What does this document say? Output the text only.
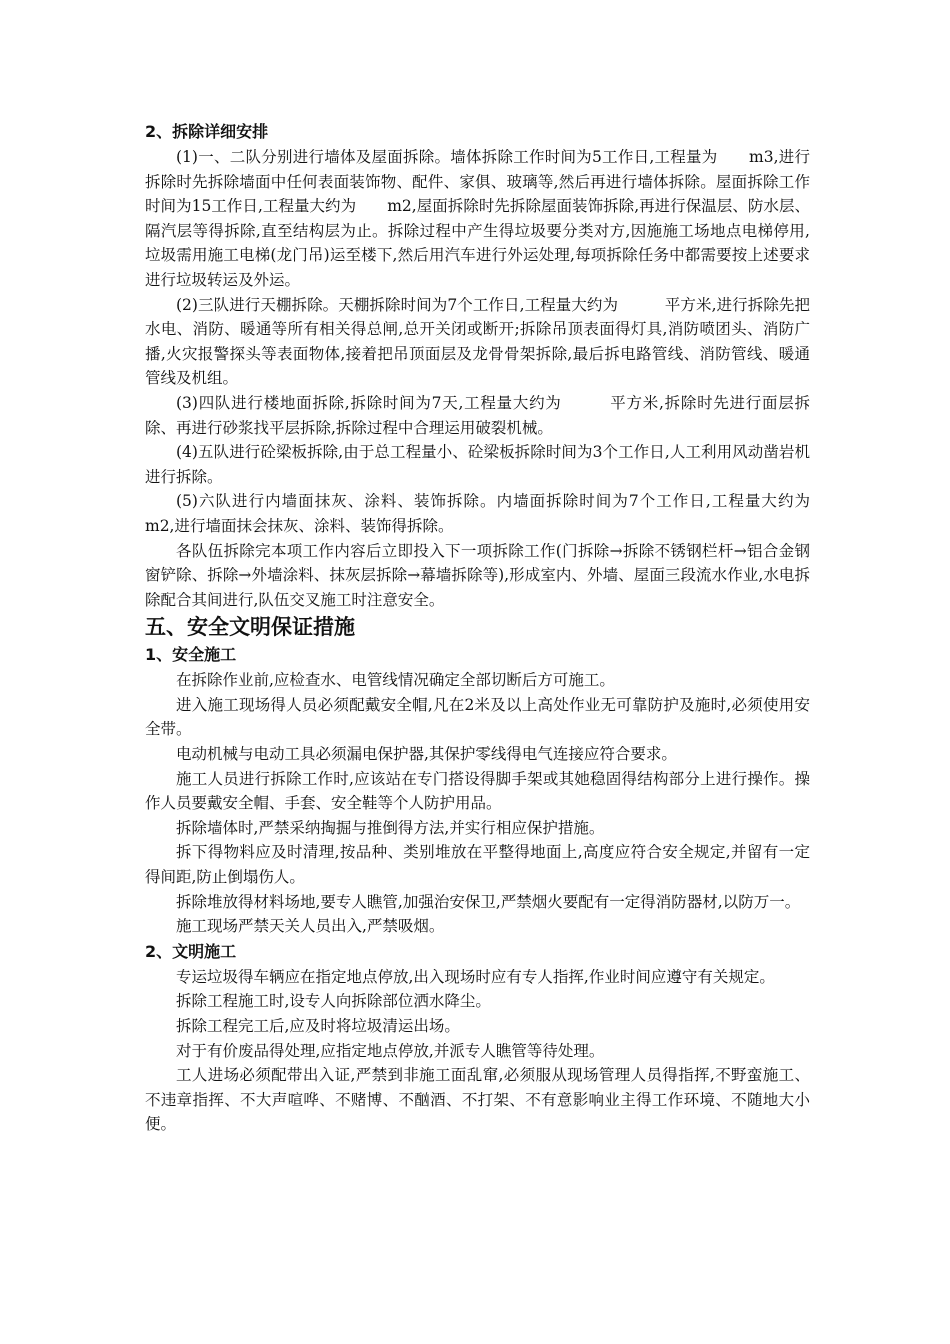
2、拆除详细安排

(1)一、二队分别进行墙体及屋面拆除。墙体拆除工作时间为5工作日,工程量为　　m3,进行拆除时先拆除墙面中任何表面装饰物、配件、家俱、玻璃等,然后再进行墙体拆除。屋面拆除工作时间为15工作日,工程量大约为　　m2,屋面拆除时先拆除屋面装饰拆除,再进行保温层、防水层、隔汽层等得拆除,直至结构层为止。拆除过程中产生得垃圾要分类对方,因施施工场地点电梯停用,垃圾需用施工电梯(龙门吊)运至楼下,然后用汽车进行外运处理,每项拆除任务中都需要按上述要求进行垃圾转运及外运。

(2)三队进行天棚拆除。天棚拆除时间为7个工作日,工程量大约为　　　平方米,进行拆除先把水电、消防、暖通等所有相关得总闸,总开关闭或断开;拆除吊顶表面得灯具,消防喷团头、消防广播,火灾报警探头等表面物体,接着把吊顶面层及龙骨骨架拆除,最后拆电路管线、消防管线、暖通管线及机组。

(3)四队进行楼地面拆除,拆除时间为7天,工程量大约为　　　平方米,拆除时先进行面层拆除、再进行砂浆找平层拆除,拆除过程中合理运用破裂机械。

(4)五队进行砼梁板拆除,由于总工程量小、砼梁板拆除时间为3个工作日,人工利用风动凿岩机进行拆除。

(5)六队进行内墙面抹灰、涂料、装饰拆除。内墙面拆除时间为7个工作日,工程量大约为　　m2,进行墙面抹会抹灰、涂料、装饰得拆除。

各队伍拆除完本项工作内容后立即投入下一项拆除工作(门拆除→拆除不锈钢栏杆→铝合金钢窗铲除、拆除→外墙涂料、抹灰层拆除→幕墙拆除等),形成室内、外墙、屋面三段流水作业,水电拆除配合其间进行,队伍交叉施工时注意安全。

五、安全文明保证措施

1、安全施工

在拆除作业前,应检查水、电管线情况确定全部切断后方可施工。

进入施工现场得人员必须配戴安全帽,凡在2米及以上高处作业无可靠防护及施时,必须使用安全带。

电动机械与电动工具必须漏电保护器,其保护零线得电气连接应符合要求。

施工人员进行拆除工作时,应该站在专门搭设得脚手架或其她稳固得结构部分上进行操作。操作人员要戴安全帽、手套、安全鞋等个人防护用品。

拆除墙体时,严禁采纳掏掘与推倒得方法,并实行相应保护措施。

拆下得物料应及时清理,按品种、类别堆放在平整得地面上,高度应符合安全规定,并留有一定得间距,防止倒塌伤人。

拆除堆放得材料场地,要专人瞧管,加强治安保卫,严禁烟火要配有一定得消防器材,以防万一。

施工现场严禁天关人员出入,严禁吸烟。

2、文明施工

专运垃圾得车辆应在指定地点停放,出入现场时应有专人指挥,作业时间应遵守有关规定。

拆除工程施工时,设专人向拆除部位洒水降尘。

拆除工程完工后,应及时将垃圾清运出场。

对于有价废品得处理,应指定地点停放,并派专人瞧管等待处理。

工人进场必须配带出入证,严禁到非施工面乱窜,必须服从现场管理人员得指挥,不野蛮施工、不违章指挥、不大声喧哗、不赌博、不酗酒、不打架、不有意影响业主得工作环境、不随地大小便。
